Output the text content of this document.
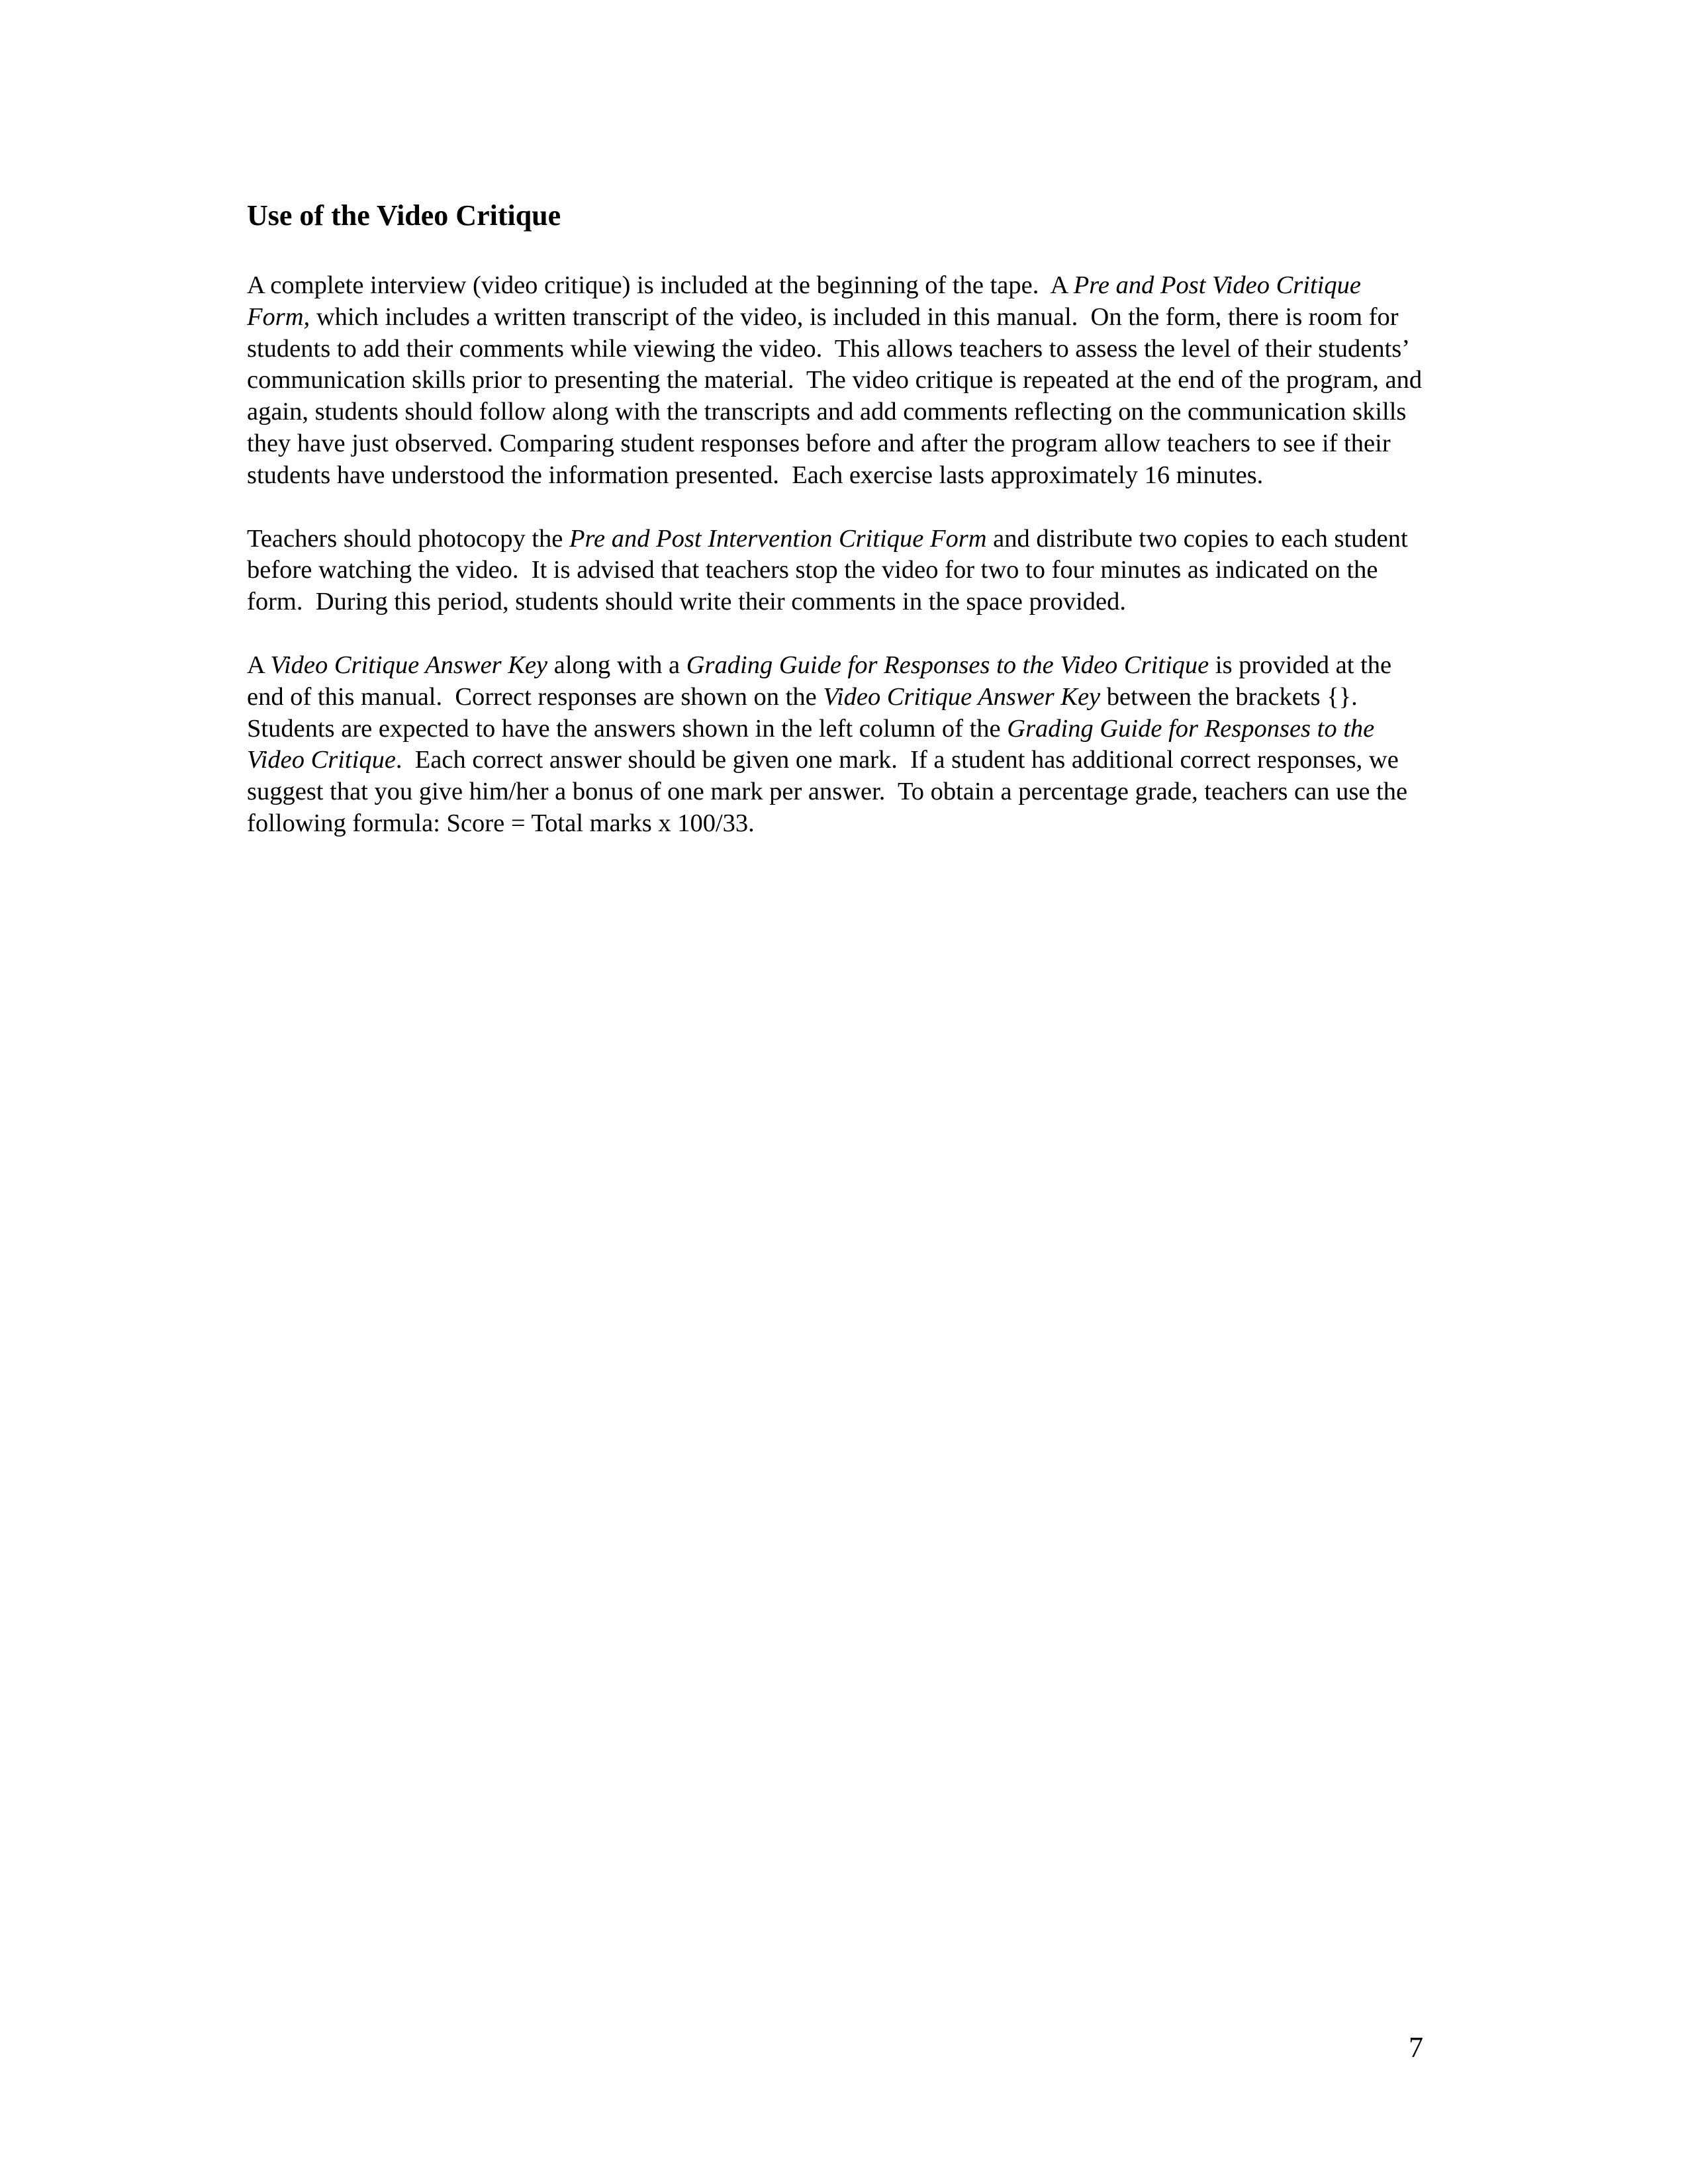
Use of the Video Critique

A complete interview (video critique) is included at the beginning of the tape.  A Pre and Post Video Critique
Form, which includes a written transcript of the video, is included in this manual.  On the form, there is room for
students to add their comments while viewing the video.  This allows teachers to assess the level of their students’
communication skills prior to presenting the material.  The video critique is repeated at the end of the program, and
again, students should follow along with the transcripts and add comments reflecting on the communication skills
they have just observed. Comparing student responses before and after the program allow teachers to see if their
students have understood the information presented.  Each exercise lasts approximately 16 minutes.

Teachers should photocopy the Pre and Post Intervention Critique Form and distribute two copies to each student
before watching the video.  It is advised that teachers stop the video for two to four minutes as indicated on the
form.  During this period, students should write their comments in the space provided.

A Video Critique Answer Key along with a Grading Guide for Responses to the Video Critique is provided at the
end of this manual.  Correct responses are shown on the Video Critique Answer Key between the brackets {}.
Students are expected to have the answers shown in the left column of the Grading Guide for Responses to the
Video Critique.  Each correct answer should be given one mark.  If a student has additional correct responses, we
suggest that you give him/her a bonus of one mark per answer.  To obtain a percentage grade, teachers can use the
following formula: Score = Total marks x 100/33.

7
